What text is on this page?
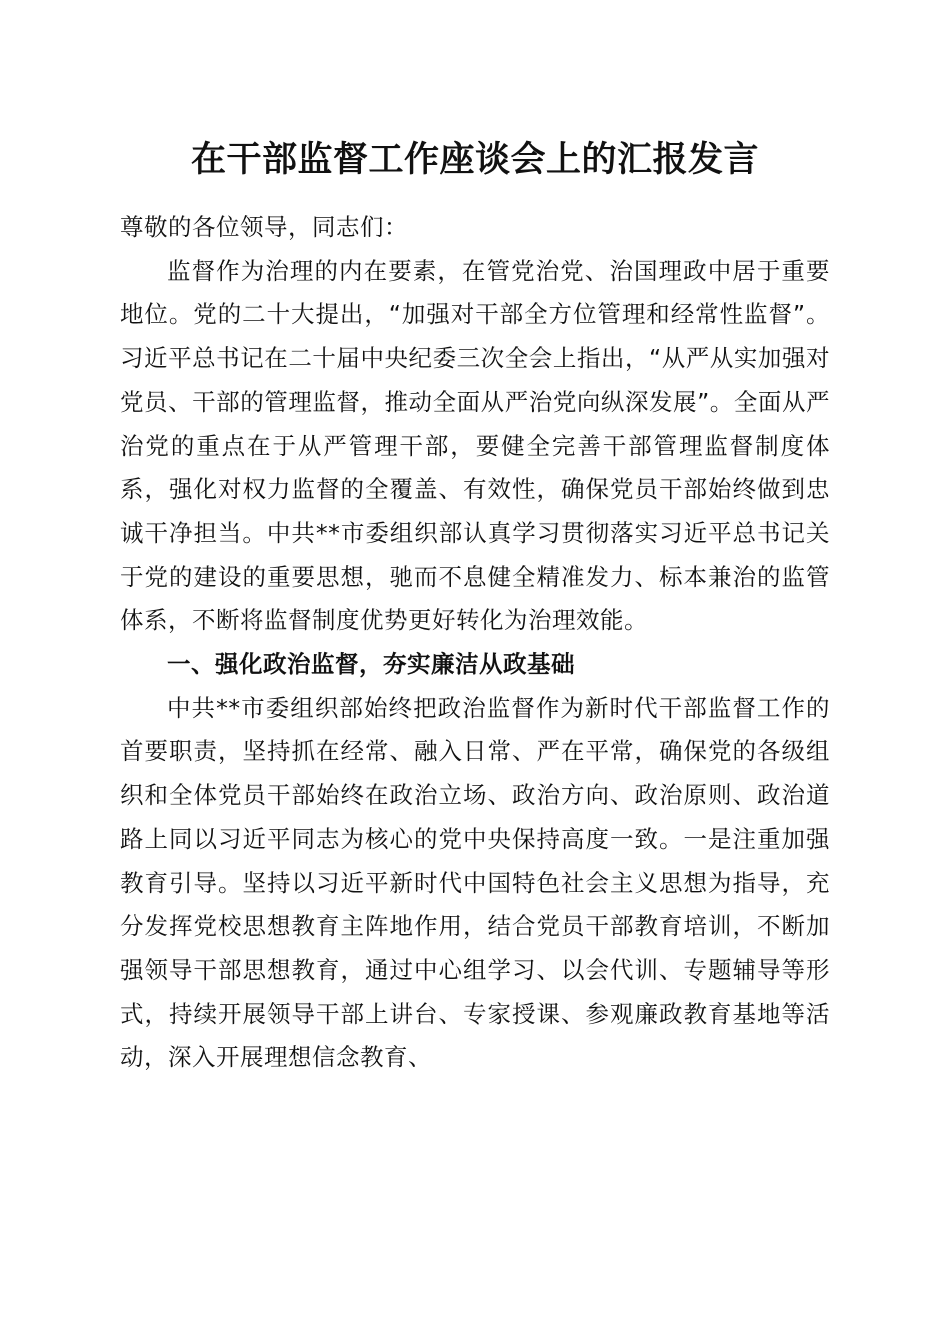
在干部监督工作座谈会上的汇报发言

尊敬的各位领导，同志们：

监督作为治理的内在要素，在管党治党、治国理政中居于重要地位。党的二十大提出，“加强对干部全方位管理和经常性监督”。习近平总书记在二十届中央纪委三次全会上指出，“从严从实加强对党员、干部的管理监督，推动全面从严治党向纵深发展”。全面从严治党的重点在于从严管理干部，要健全完善干部管理监督制度体系，强化对权力监督的全覆盖、有效性，确保党员干部始终做到忠诚干净担当。中共**市委组织部认真学习贯彻落实习近平总书记关于党的建设的重要思想，驰而不息健全精准发力、标本兼治的监管体系，不断将监督制度优势更好转化为治理效能。

一、强化政治监督，夯实廉洁从政基础

中共**市委组织部始终把政治监督作为新时代干部监督工作的首要职责，坚持抓在经常、融入日常、严在平常，确保党的各级组织和全体党员干部始终在政治立场、政治方向、政治原则、政治道路上同以习近平同志为核心的党中央保持高度一致。一是注重加强教育引导。坚持以习近平新时代中国特色社会主义思想为指导，充分发挥党校思想教育主阵地作用，结合党员干部教育培训，不断加强领导干部思想教育，通过中心组学习、以会代训、专题辅导等形式，持续开展领导干部上讲台、专家授课、参观廉政教育基地等活动，深入开展理想信念教育、
